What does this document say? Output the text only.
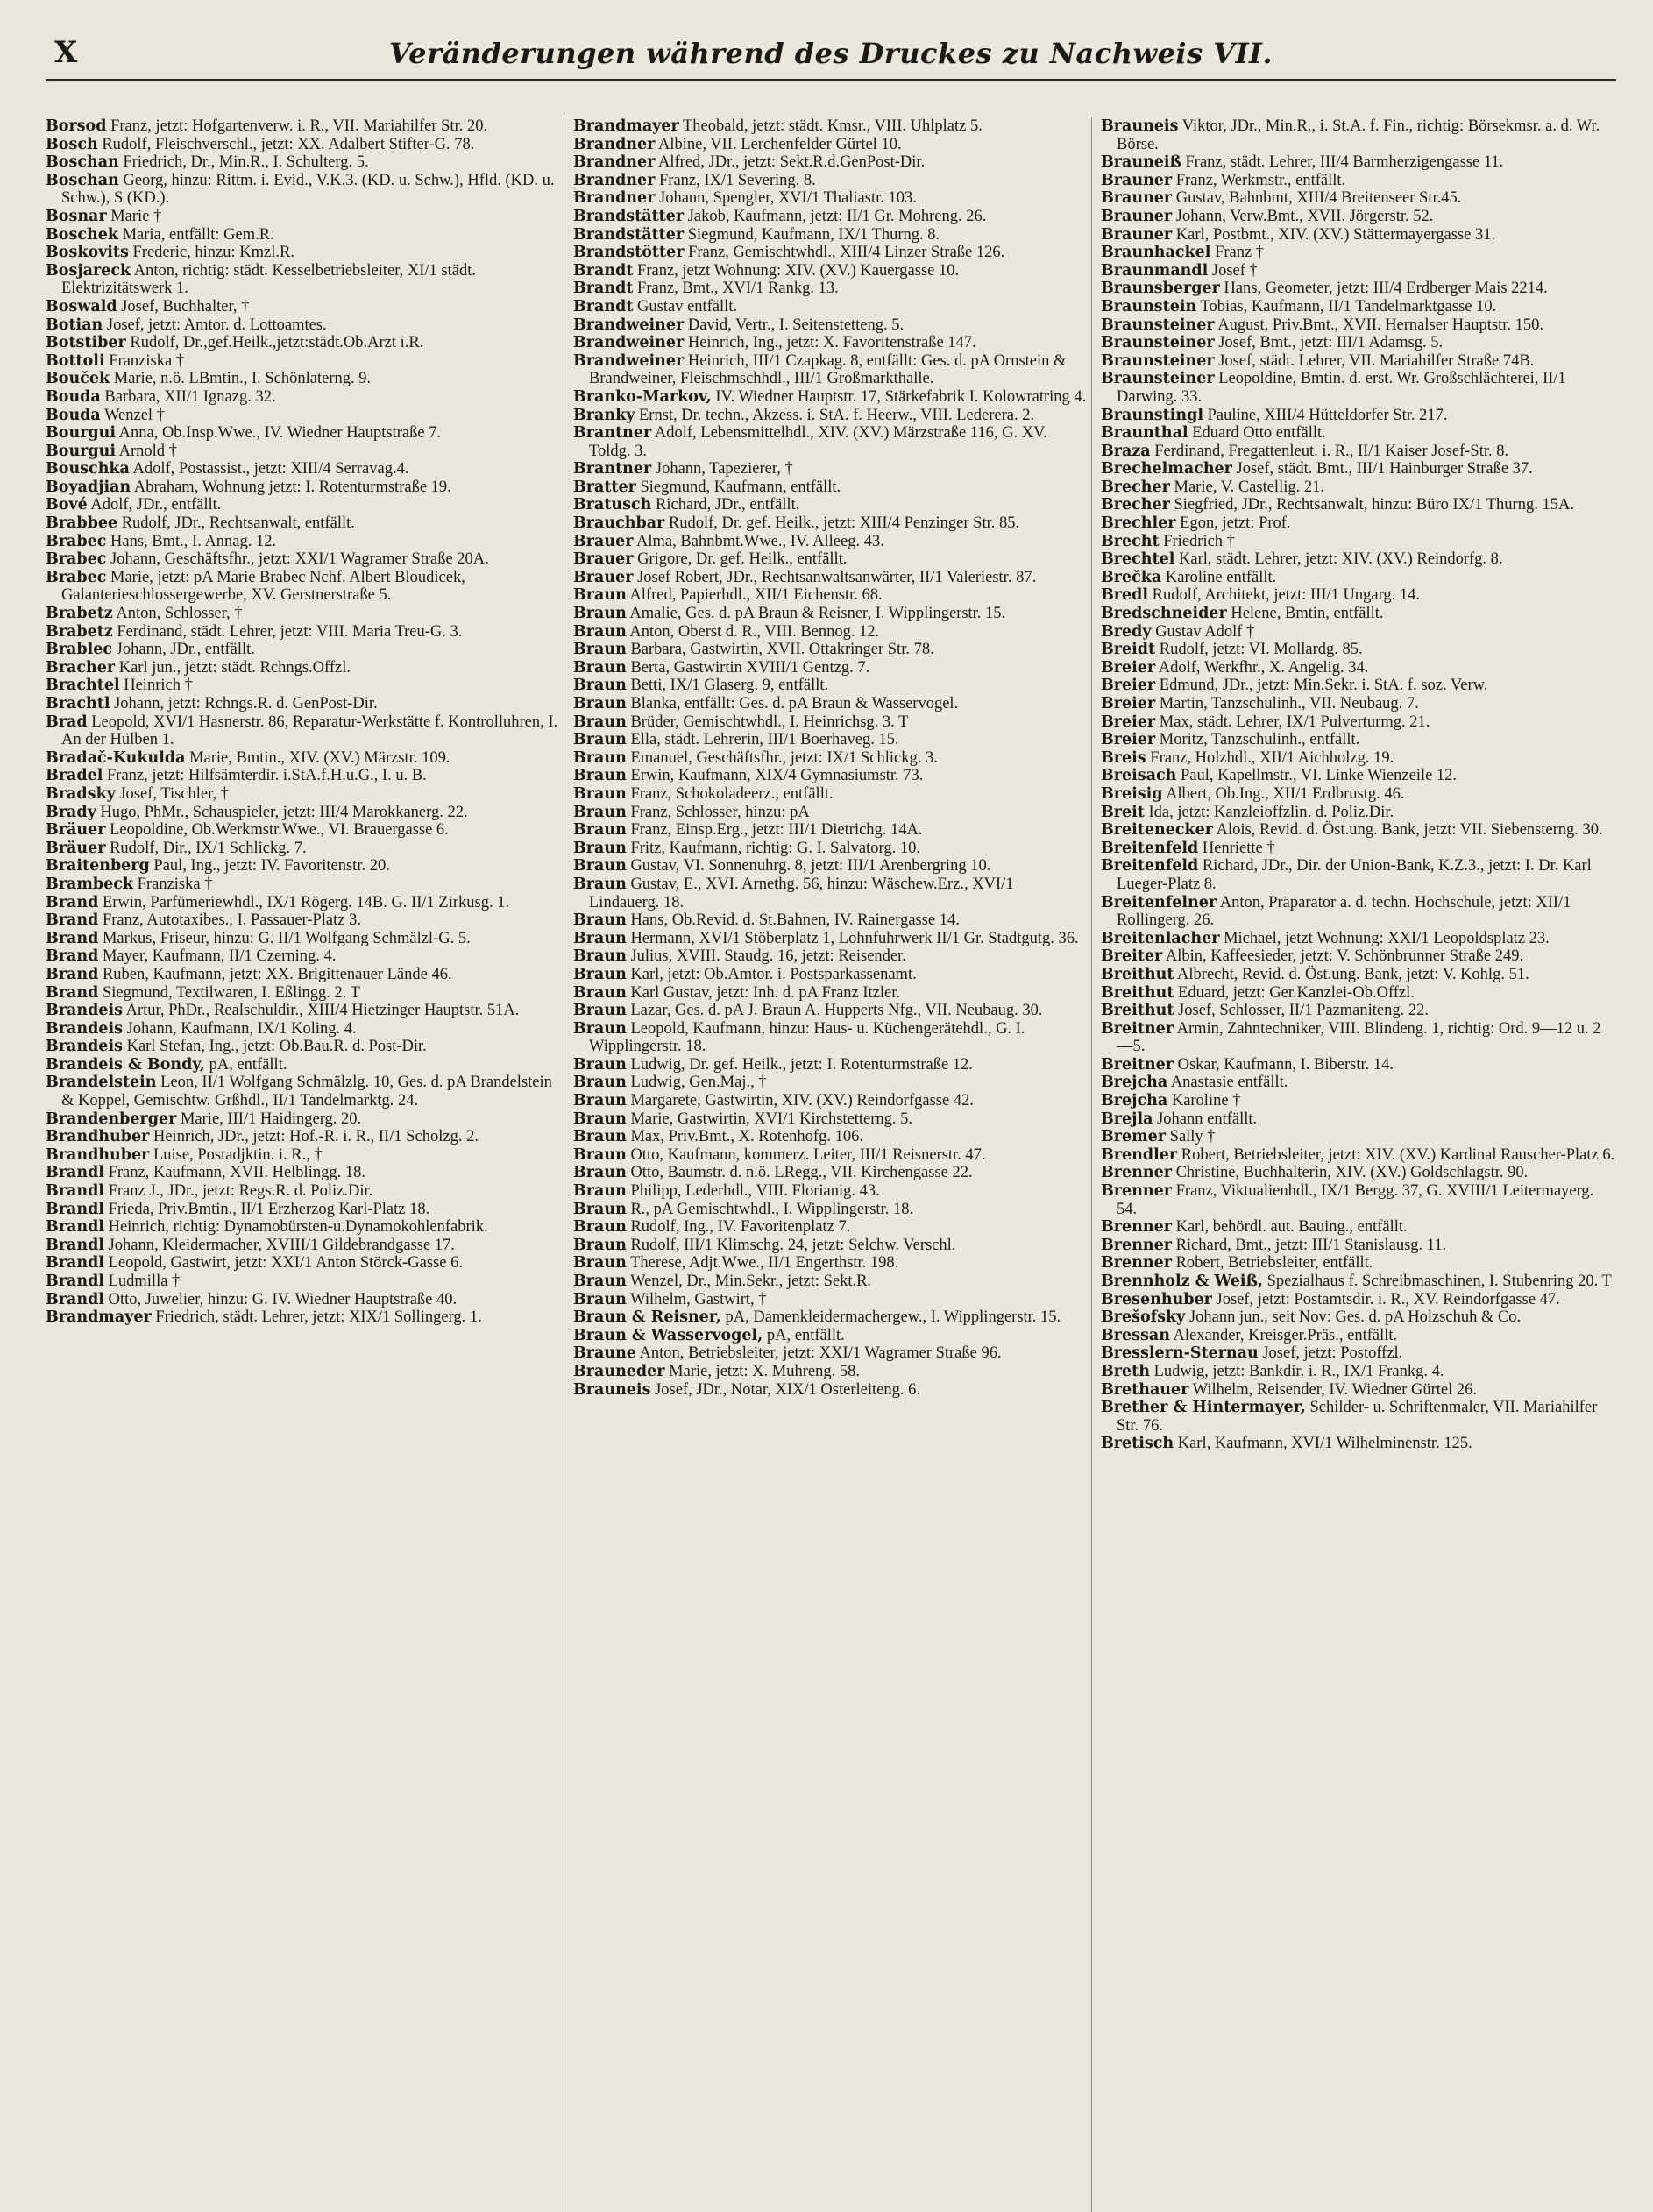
X	Veränderungen während des Druckes zu Nachweis VII.

Borsod Franz, jetzt: Hofgartenverw. i. R., VII. Mariahilfer Str. 20.

Bosch Rudolf, Fleischverschl., jetzt: XX. Adalbert Stifter-G. 78.

Boschan Friedrich, Dr., Min.R., I. Schulterg. 5.

Boschan Georg, hinzu: Rittm. i. Evid., V.K.3. (KD. u. Schw.), Hfld. (KD. u. Schw.), S (KD.).

Bosnar Marie †

Boschek Maria, entfällt: Gem.R.

Boskovits Frederic, hinzu: Kmzl.R.

Bosjareck Anton, richtig: städt. Kesselbetriebsleiter, XI/1 städt. Elektrizitätswerk 1.

Boswald Josef, Buchhalter, †

Botian Josef, jetzt: Amtor. d. Lottoamtes.

Botstiber Rudolf, Dr.,gef.Heilk.,jetzt:städt.Ob.Arzt i.R.

Bottoli Franziska †

Bouček Marie, n.ö. LBmtin., I. Schönlaterng. 9.

Bouda Barbara, XII/1 Ignazg. 32.

Bouda Wenzel †

Bourgui Anna, Ob.Insp.Wwe., IV. Wiedner Hauptstraße 7.

Bourgui Arnold †

Bouschka Adolf, Postassist., jetzt: XIII/4 Serravag.4.

Boyadjian Abraham, Wohnung jetzt: I. Rotenturmstraße 19.

Bové Adolf, JDr., entfällt.

Brabbee Rudolf, JDr., Rechtsanwalt, entfällt.

Brabec Hans, Bmt., I. Annag. 12.

Brabec Johann, Geschäftsfhr., jetzt: XXI/1 Wagramer Straße 20A.

Brabec Marie, jetzt: pA Marie Brabec Nchf. Albert Bloudicek, Galanterieschlossergewerbe, XV. Gerstnerstraße 5.

Brabetz Anton, Schlosser, †

Brabetz Ferdinand, städt. Lehrer, jetzt: VIII. Maria Treu-G. 3.

Brablec Johann, JDr., entfällt.

Bracher Karl jun., jetzt: städt. Rchngs.Offzl.

Brachtel Heinrich †

Brachtl Johann, jetzt: Rchngs.R. d. GenPost-Dir.

Brad Leopold, XVI/1 Hasnerstr. 86, Reparatur-Werkstätte f. Kontrolluhren, I. An der Hülben 1.

Bradač-Kukulda Marie, Bmtin., XIV. (XV.) Märzstr. 109.

Bradel Franz, jetzt: Hilfsämterdir. i.StA.f.H.u.G., I. u. B.

Bradsky Josef, Tischler, †

Brady Hugo, PhMr., Schauspieler, jetzt: III/4 Marokkanerg. 22.

Bräuer Leopoldine, Ob.Werkmstr.Wwe., VI. Brauergasse 6.

Bräuer Rudolf, Dir., IX/1 Schlickg. 7.

Braitenberg Paul, Ing., jetzt: IV. Favoritenstr. 20.

Brambeck Franziska †

Brand Erwin, Parfümeriewhdl., IX/1 Rögerg. 14B. G. II/1 Zirkusg. 1.

Brand Franz, Autotaxibes., I. Passauer-Platz 3.

Brand Markus, Friseur, hinzu: G. II/1 Wolfgang Schmälzl-G. 5.

Brand Mayer, Kaufmann, II/1 Czerning. 4.

Brand Ruben, Kaufmann, jetzt: XX. Brigittenauer Lände 46.

Brand Siegmund, Textilwaren, I. Eßlingg. 2. T

Brandeis Artur, PhDr., Realschuldir., XIII/4 Hietzinger Hauptstr. 51A.

Brandeis Johann, Kaufmann, IX/1 Koling. 4.

Brandeis Karl Stefan, Ing., jetzt: Ob.Bau.R. d. Post-Dir.

Brandeis & Bondy, pA, entfällt.

Brandelstein Leon, II/1 Wolfgang Schmälzlg. 10, Ges. d. pA Brandelstein & Koppel, Gemischtw. Grßhdl., II/1 Tandelmarktg. 24.

Brandenberger Marie, III/1 Haidingerg. 20.

Brandhuber Heinrich, JDr., jetzt: Hof.-R. i. R., II/1 Scholzg. 2.

Brandhuber Luise, Postadjktin. i. R., †

Brandl Franz, Kaufmann, XVII. Helblingg. 18.

Brandl Franz J., JDr., jetzt: Regs.R. d. Poliz.Dir.

Brandl Frieda, Priv.Bmtin., II/1 Erzherzog Karl-Platz 18.

Brandl Heinrich, richtig: Dynamobürsten-u.Dynamokohlenfabrik.

Brandl Johann, Kleidermacher, XVIII/1 Gildebrandgasse 17.

Brandl Leopold, Gastwirt, jetzt: XXI/1 Anton Störck-Gasse 6.

Brandl Ludmilla †

Brandl Otto, Juwelier, hinzu: G. IV. Wiedner Hauptstraße 40.

Brandmayer Friedrich, städt. Lehrer, jetzt: XIX/1 Sollingerg. 1.

Brandmayer Theobald, jetzt: städt. Kmsr., VIII. Uhlplatz 5.

Brandner Albine, VII. Lerchenfelder Gürtel 10.

Brandner Alfred, JDr., jetzt: Sekt.R.d.GenPost-Dir.

Brandner Franz, IX/1 Severing. 8.

Brandner Johann, Spengler, XVI/1 Thaliastr. 103.

Brandstätter Jakob, Kaufmann, jetzt: II/1 Gr. Mohreng. 26.

Brandstätter Siegmund, Kaufmann, IX/1 Thurng. 8.

Brandstötter Franz, Gemischtwhdl., XIII/4 Linzer Straße 126.

Brandt Franz, jetzt Wohnung: XIV. (XV.) Kauergasse 10.

Brandt Franz, Bmt., XVI/1 Rankg. 13.

Brandt Gustav entfällt.

Brandweiner David, Vertr., I. Seitenstetteng. 5.

Brandweiner Heinrich, Ing., jetzt: X. Favoritenstraße 147.

Brandweiner Heinrich, III/1 Czapkag. 8, entfällt: Ges. d. pA Ornstein & Brandweiner, Fleischmschhdl., III/1 Großmarkthalle.

Branko-Markov, IV. Wiedner Hauptstr. 17, Stärkefabrik I. Kolowratring 4.

Branky Ernst, Dr. techn., Akzess. i. StA. f. Heerw., VIII. Lederera. 2.

Brantner Adolf, Lebensmittelhdl., XIV. (XV.) Märzstraße 116, G. XV. Toldg. 3.

Brantner Johann, Tapezierer, †

Bratter Siegmund, Kaufmann, entfällt.

Bratusch Richard, JDr., entfällt.

Brauchbar Rudolf, Dr. gef. Heilk., jetzt: XIII/4 Penzinger Str. 85.

Brauer Alma, Bahnbmt.Wwe., IV. Alleeg. 43.

Brauer Grigore, Dr. gef. Heilk., entfällt.

Brauer Josef Robert, JDr., Rechtsanwaltsanwärter, II/1 Valeriestr. 87.

Braun Alfred, Papierhdl., XII/1 Eichenstr. 68.

Braun Amalie, Ges. d. pA Braun & Reisner, I. Wipplingerstr. 15.

Braun Anton, Oberst d. R., VIII. Bennog. 12.

Braun Barbara, Gastwirtin, XVII. Ottakringer Str. 78.

Braun Berta, Gastwirtin XVIII/1 Gentzg. 7.

Braun Betti, IX/1 Glaserg. 9, entfällt.

Braun Blanka, entfällt: Ges. d. pA Braun & Wasservogel.

Braun Brüder, Gemischtwhdl., I. Heinrichsg. 3. T

Braun Ella, städt. Lehrerin, III/1 Boerhaveg. 15.

Braun Emanuel, Geschäftsfhr., jetzt: IX/1 Schlickg. 3.

Braun Erwin, Kaufmann, XIX/4 Gymnasiumstr. 73.

Braun Franz, Schokoladeerz., entfällt.

Braun Franz, Schlosser, hinzu: pA

Braun Franz, Einsp.Erg., jetzt: III/1 Dietrichg. 14A.

Braun Fritz, Kaufmann, richtig: G. I. Salvatorg. 10.

Braun Gustav, VI. Sonnenuhrg. 8, jetzt: III/1 Arenbergring 10.

Braun Gustav, E., XVI. Arnethg. 56, hinzu: Wäschew.Erz., XVI/1 Lindauerg. 18.

Braun Hans, Ob.Revid. d. St.Bahnen, IV. Rainergasse 14.

Braun Hermann, XVI/1 Stöberplatz 1, Lohnfuhrwerk II/1 Gr. Stadtgutg. 36.

Braun Julius, XVIII. Staudg. 16, jetzt: Reisender.

Braun Karl, jetzt: Ob.Amtor. i. Postsparkassenamt.

Braun Karl Gustav, jetzt: Inh. d. pA Franz Itzler.

Braun Lazar, Ges. d. pA J. Braun A. Hupperts Nfg., VII. Neubaug. 30.

Braun Leopold, Kaufmann, hinzu: Haus- u. Küchengerätehdl., G. I. Wipplingerstr. 18.

Braun Ludwig, Dr. gef. Heilk., jetzt: I. Rotenturmstraße 12.

Braun Ludwig, Gen.Maj., †

Braun Margarete, Gastwirtin, XIV. (XV.) Reindorfgasse 42.

Braun Marie, Gastwirtin, XVI/1 Kirchstetterng. 5.

Braun Max, Priv.Bmt., X. Rotenhofg. 106.

Braun Otto, Kaufmann, kommerz. Leiter, III/1 Reisnerstr. 47.

Braun Otto, Baumstr. d. n.ö. LRegg., VII. Kirchengasse 22.

Braun Philipp, Lederhdl., VIII. Florianig. 43.

Braun R., pA Gemischtwhdl., I. Wipplingerstr. 18.

Braun Rudolf, Ing., IV. Favoritenplatz 7.

Braun Rudolf, III/1 Klimschg. 24, jetzt: Selchw. Verschl.

Braun Therese, Adjt.Wwe., II/1 Engerthstr. 198.

Braun Wenzel, Dr., Min.Sekr., jetzt: Sekt.R.

Braun Wilhelm, Gastwirt, †

Braun & Reisner, pA, Damenkleidermachergew., I. Wipplingerstr. 15.

Braun & Wasservogel, pA, entfällt.

Braune Anton, Betriebsleiter, jetzt: XXI/1 Wagramer Straße 96.

Brauneder Marie, jetzt: X. Muhreng. 58.

Brauneis Josef, JDr., Notar, XIX/1 Osterleiteng. 6.

Brauneis Viktor, JDr., Min.R., i. St.A. f. Fin., richtig: Börsekmsr. a. d. Wr. Börse.

Brauneiß Franz, städt. Lehrer, III/4 Barmherzigengasse 11.

Brauner Franz, Werkmstr., entfällt.

Brauner Gustav, Bahnbmt, XIII/4 Breitenseer Str.45.

Brauner Johann, Verw.Bmt., XVII. Jörgerstr. 52.

Brauner Karl, Postbmt., XIV. (XV.) Stättermayergasse 31.

Braunhackel Franz †

Braunmandl Josef †

Braunsberger Hans, Geometer, jetzt: III/4 Erdberger Mais 2214.

Braunstein Tobias, Kaufmann, II/1 Tandelmarktgasse 10.

Braunsteiner August, Priv.Bmt., XVII. Hernalser Hauptstr. 150.

Braunsteiner Josef, Bmt., jetzt: III/1 Adamsg. 5.

Braunsteiner Josef, städt. Lehrer, VII. Mariahilfer Straße 74B.

Braunsteiner Leopoldine, Bmtin. d. erst. Wr. Großschlächterei, II/1 Darwing. 33.

Braunstingl Pauline, XIII/4 Hütteldorfer Str. 217.

Braunthal Eduard Otto entfällt.

Braza Ferdinand, Fregattenleut. i. R., II/1 Kaiser Josef-Str. 8.

Brechelmacher Josef, städt. Bmt., III/1 Hainburger Straße 37.

Brecher Marie, V. Castellig. 21.

Brecher Siegfried, JDr., Rechtsanwalt, hinzu: Büro IX/1 Thurng. 15A.

Brechler Egon, jetzt: Prof.

Brecht Friedrich †

Brechtel Karl, städt. Lehrer, jetzt: XIV. (XV.) Reindorfg. 8.

Brečka Karoline entfällt.

Bredl Rudolf, Architekt, jetzt: III/1 Ungarg. 14.

Bredschneider Helene, Bmtin, entfällt.

Bredy Gustav Adolf †

Breidt Rudolf, jetzt: VI. Mollardg. 85.

Breier Adolf, Werkfhr., X. Angelig. 34.

Breier Edmund, JDr., jetzt: Min.Sekr. i. StA. f. soz. Verw.

Breier Martin, Tanzschulinh., VII. Neubaug. 7.

Breier Max, städt. Lehrer, IX/1 Pulverturmg. 21.

Breier Moritz, Tanzschulinh., entfällt.

Breis Franz, Holzhdl., XII/1 Aichholzg. 19.

Breisach Paul, Kapellmstr., VI. Linke Wienzeile 12.

Breisig Albert, Ob.Ing., XII/1 Erdbrustg. 46.

Breit Ida, jetzt: Kanzleioffzlin. d. Poliz.Dir.

Breitenecker Alois, Revid. d. Öst.ung. Bank, jetzt: VII. Siebensterng. 30.

Breitenfeld Henriette †

Breitenfeld Richard, JDr., Dir. der Union-Bank, K.Z.3., jetzt: I. Dr. Karl Lueger-Platz 8.

Breitenfelner Anton, Präparator a. d. techn. Hochschule, jetzt: XII/1 Rollingerg. 26.

Breitenlacher Michael, jetzt Wohnung: XXI/1 Leopoldsplatz 23.

Breiter Albin, Kaffeesieder, jetzt: V. Schönbrunner Straße 249.

Breithut Albrecht, Revid. d. Öst.ung. Bank, jetzt: V. Kohlg. 51.

Breithut Eduard, jetzt: Ger.Kanzlei-Ob.Offzl.

Breithut Josef, Schlosser, II/1 Pazmaniteng. 22.

Breitner Armin, Zahntechniker, VIII. Blindeng. 1, richtig: Ord. 9—12 u. 2—5.

Breitner Oskar, Kaufmann, I. Biberstr. 14.

Brejcha Anastasie entfällt.

Brejcha Karoline †

Brejla Johann entfällt.

Bremer Sally †

Brendler Robert, Betriebsleiter, jetzt: XIV. (XV.) Kardinal Rauscher-Platz 6.

Brenner Christine, Buchhalterin, XIV. (XV.) Goldschlagstr. 90.

Brenner Franz, Viktualienhdl., IX/1 Bergg. 37, G. XVIII/1 Leitermayerg. 54.

Brenner Karl, behördl. aut. Bauing., entfällt.

Brenner Richard, Bmt., jetzt: III/1 Stanislausg. 11.

Brenner Robert, Betriebsleiter, entfällt.

Brennholz & Weiß, Spezialhaus f. Schreibmaschinen, I. Stubenring 20. T

Bresenhuber Josef, jetzt: Postamtsdir. i. R., XV. Reindorfgasse 47.

Brešofsky Johann jun., seit Nov: Ges. d. pA Holzschuh & Co.

Bressan Alexander, Kreisger.Präs., entfällt.

Bresslern-Sternau Josef, jetzt: Postoffzl.

Breth Ludwig, jetzt: Bankdir. i. R., IX/1 Frankg. 4.

Brethauer Wilhelm, Reisender, IV. Wiedner Gürtel 26.

Brether & Hintermayer, Schilder- u. Schriftenmaler, VII. Mariahilfer Str. 76.

Bretisch Karl, Kaufmann, XVI/1 Wilhelminenstr. 125.
